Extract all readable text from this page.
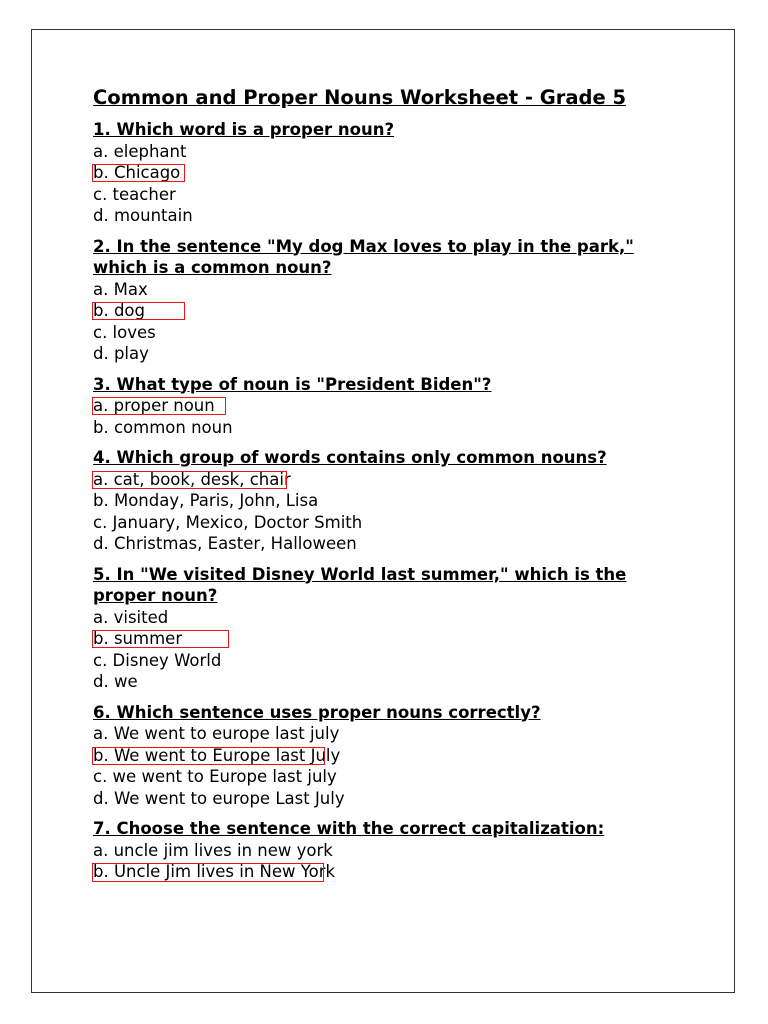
Common and Proper Nouns Worksheet - Grade 5
1. Which word is a proper noun?
a. elephant
b. Chicago
c. teacher
d. mountain
2. In the sentence "My dog Max loves to play in the park," which is a common noun?
a. Max
b. dog
c. loves
d. play
3. What type of noun is "President Biden"?
a. proper noun
b. common noun
4. Which group of words contains only common nouns?
a. cat, book, desk, chair
b. Monday, Paris, John, Lisa
c. January, Mexico, Doctor Smith
d. Christmas, Easter, Halloween
5. In "We visited Disney World last summer," which is the proper noun?
a. visited
b. summer
c. Disney World
d. we
6. Which sentence uses proper nouns correctly?
a. We went to europe last july
b. We went to Europe last July
c. we went to Europe last july
d. We went to europe Last July
7. Choose the sentence with the correct capitalization:
a. uncle jim lives in new york
b. Uncle Jim lives in New York
